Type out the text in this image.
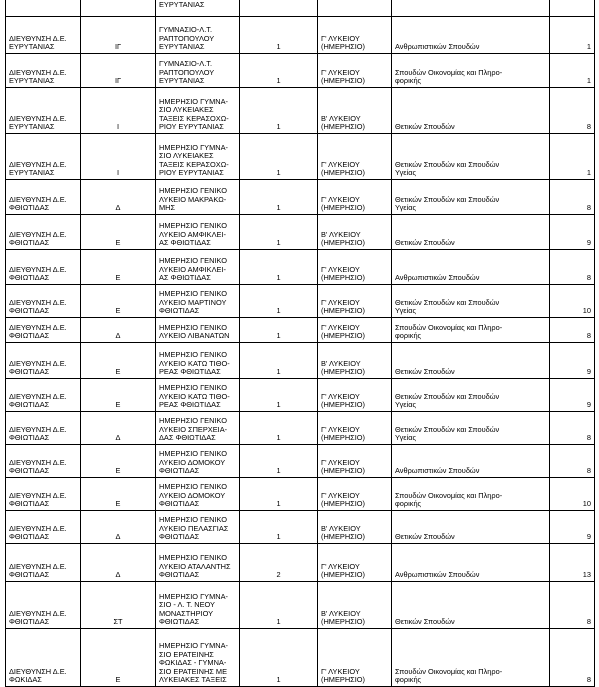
ΕΥΡΥΤΑΝΙΑΣ
ΔΙΕΥΘΥΝΣΗ Δ.Ε.
ΕΥΡΥΤΑΝΙΑΣ	ΙΓ
ΓΥΜΝΑΣΙΟ-Λ.Τ.
ΡΑΠΤΟΠΟΥΛΟΥ
ΕΥΡΥΤΑΝΙΑΣ	1
Γ' ΛΥΚΕΙΟΥ
(ΗΜΕΡΗΣΙΟ)	Ανθρωπιστικών Σπουδών	1
ΔΙΕΥΘΥΝΣΗ Δ.Ε.
ΕΥΡΥΤΑΝΙΑΣ	ΙΓ
ΓΥΜΝΑΣΙΟ-Λ.Τ.
ΡΑΠΤΟΠΟΥΛΟΥ
ΕΥΡΥΤΑΝΙΑΣ	1
Γ' ΛΥΚΕΙΟΥ
(ΗΜΕΡΗΣΙΟ)
Σπουδών Οικονομίας και Πληρο-
φορικής	1
ΔΙΕΥΘΥΝΣΗ Δ.Ε.
ΕΥΡΥΤΑΝΙΑΣ	Ι
ΗΜΕΡΗΣΙΟ ΓΥΜΝΑ-
ΣΙΟ ΛΥΚΕΙΑΚΕΣ
ΤΑΞΕΙΣ ΚΕΡΑΣΟΧΩ-
ΡΙΟΥ ΕΥΡΥΤΑΝΙΑΣ	1
Β' ΛΥΚΕΙΟΥ
(ΗΜΕΡΗΣΙΟ)	Θετικών Σπουδών	8
ΔΙΕΥΘΥΝΣΗ Δ.Ε.
ΕΥΡΥΤΑΝΙΑΣ	Ι
ΗΜΕΡΗΣΙΟ ΓΥΜΝΑ-
ΣΙΟ ΛΥΚΕΙΑΚΕΣ
ΤΑΞΕΙΣ ΚΕΡΑΣΟΧΩ-
ΡΙΟΥ ΕΥΡΥΤΑΝΙΑΣ	1
Γ' ΛΥΚΕΙΟΥ
(ΗΜΕΡΗΣΙΟ)
Θετικών Σπουδών και Σπουδών
Υγείας	1
ΔΙΕΥΘΥΝΣΗ Δ.Ε.
ΦΘΙΩΤΙΔΑΣ	Δ
ΗΜΕΡΗΣΙΟ ΓΕΝΙΚΟ
ΛΥΚΕΙΟ ΜΑΚΡΑΚΩ-
ΜΗΣ	1
Γ' ΛΥΚΕΙΟΥ
(ΗΜΕΡΗΣΙΟ)
Θετικών Σπουδών και Σπουδών
Υγείας	8
ΔΙΕΥΘΥΝΣΗ Δ.Ε.
ΦΘΙΩΤΙΔΑΣ	Ε
ΗΜΕΡΗΣΙΟ ΓΕΝΙΚΟ
ΛΥΚΕΙΟ ΑΜΦΙΚΛΕΙ-
ΑΣ ΦΘΙΩΤΙΔΑΣ	1
Β' ΛΥΚΕΙΟΥ
(ΗΜΕΡΗΣΙΟ)	Θετικών Σπουδών	9
ΔΙΕΥΘΥΝΣΗ Δ.Ε.
ΦΘΙΩΤΙΔΑΣ	Ε
ΗΜΕΡΗΣΙΟ ΓΕΝΙΚΟ
ΛΥΚΕΙΟ ΑΜΦΙΚΛΕΙ-
ΑΣ ΦΘΙΩΤΙΔΑΣ	1
Γ' ΛΥΚΕΙΟΥ
(ΗΜΕΡΗΣΙΟ)	Ανθρωπιστικών Σπουδών	8
ΔΙΕΥΘΥΝΣΗ Δ.Ε.
ΦΘΙΩΤΙΔΑΣ	Ε
ΗΜΕΡΗΣΙΟ ΓΕΝΙΚΟ
ΛΥΚΕΙΟ ΜΑΡΤΙΝΟΥ
ΦΘΙΩΤΙΔΑΣ	1
Γ' ΛΥΚΕΙΟΥ
(ΗΜΕΡΗΣΙΟ)
Θετικών Σπουδών και Σπουδών
Υγείας	10
ΔΙΕΥΘΥΝΣΗ Δ.Ε.
ΦΘΙΩΤΙΔΑΣ	Δ
ΗΜΕΡΗΣΙΟ ΓΕΝΙΚΟ
ΛΥΚΕΙΟ ΛΙΒΑΝΑΤΩΝ	1
Γ' ΛΥΚΕΙΟΥ
(ΗΜΕΡΗΣΙΟ)
Σπουδών Οικονομίας και Πληρο-
φορικής	8
ΔΙΕΥΘΥΝΣΗ Δ.Ε.
ΦΘΙΩΤΙΔΑΣ	Ε
ΗΜΕΡΗΣΙΟ ΓΕΝΙΚΟ
ΛΥΚΕΙΟ ΚΑΤΩ ΤΙΘΟ-
ΡΕΑΣ ΦΘΙΩΤΙΔΑΣ	1
Β' ΛΥΚΕΙΟΥ
(ΗΜΕΡΗΣΙΟ)	Θετικών Σπουδών	9
ΔΙΕΥΘΥΝΣΗ Δ.Ε.
ΦΘΙΩΤΙΔΑΣ	Ε
ΗΜΕΡΗΣΙΟ ΓΕΝΙΚΟ
ΛΥΚΕΙΟ ΚΑΤΩ ΤΙΘΟ-
ΡΕΑΣ ΦΘΙΩΤΙΔΑΣ	1
Γ' ΛΥΚΕΙΟΥ
(ΗΜΕΡΗΣΙΟ)
Θετικών Σπουδών και Σπουδών
Υγείας	9
ΔΙΕΥΘΥΝΣΗ Δ.Ε.
ΦΘΙΩΤΙΔΑΣ	Δ
ΗΜΕΡΗΣΙΟ ΓΕΝΙΚΟ
ΛΥΚΕΙΟ ΣΠΕΡΧΕΙΑ-
ΔΑΣ ΦΘΙΩΤΙΔΑΣ	1
Γ' ΛΥΚΕΙΟΥ
(ΗΜΕΡΗΣΙΟ)
Θετικών Σπουδών και Σπουδών
Υγείας	8
ΔΙΕΥΘΥΝΣΗ Δ.Ε.
ΦΘΙΩΤΙΔΑΣ	Ε
ΗΜΕΡΗΣΙΟ ΓΕΝΙΚΟ
ΛΥΚΕΙΟ ΔΟΜΟΚΟΥ
ΦΘΙΩΤΙΔΑΣ	1
Γ' ΛΥΚΕΙΟΥ
(ΗΜΕΡΗΣΙΟ)	Ανθρωπιστικών Σπουδών	8
ΔΙΕΥΘΥΝΣΗ Δ.Ε.
ΦΘΙΩΤΙΔΑΣ	Ε
ΗΜΕΡΗΣΙΟ ΓΕΝΙΚΟ
ΛΥΚΕΙΟ ΔΟΜΟΚΟΥ
ΦΘΙΩΤΙΔΑΣ	1
Γ' ΛΥΚΕΙΟΥ
(ΗΜΕΡΗΣΙΟ)
Σπουδών Οικονομίας και Πληρο-
φορικής	10
ΔΙΕΥΘΥΝΣΗ Δ.Ε.
ΦΘΙΩΤΙΔΑΣ	Δ
ΗΜΕΡΗΣΙΟ ΓΕΝΙΚΟ
ΛΥΚΕΙΟ ΠΕΛΑΣΓΙΑΣ
ΦΘΙΩΤΙΔΑΣ	1
Β' ΛΥΚΕΙΟΥ
(ΗΜΕΡΗΣΙΟ)	Θετικών Σπουδών	9
ΔΙΕΥΘΥΝΣΗ Δ.Ε.
ΦΘΙΩΤΙΔΑΣ	Δ
ΗΜΕΡΗΣΙΟ ΓΕΝΙΚΟ
ΛΥΚΕΙΟ ΑΤΑΛΑΝΤΗΣ
ΦΘΙΩΤΙΔΑΣ	2
Γ' ΛΥΚΕΙΟΥ
(ΗΜΕΡΗΣΙΟ)	Ανθρωπιστικών Σπουδών	13
ΔΙΕΥΘΥΝΣΗ Δ.Ε.
ΦΘΙΩΤΙΔΑΣ	ΣΤ
ΗΜΕΡΗΣΙΟ ΓΥΜΝΑ-
ΣΙΟ - Λ. Τ. ΝΕΟΥ
ΜΟΝΑΣΤΗΡΙΟΥ
ΦΘΙΩΤΙΔΑΣ	1
Β' ΛΥΚΕΙΟΥ
(ΗΜΕΡΗΣΙΟ)	Θετικών Σπουδών	8
ΔΙΕΥΘΥΝΣΗ Δ.Ε.
ΦΩΚΙΔΑΣ	Ε
ΗΜΕΡΗΣΙΟ ΓΥΜΝΑ-
ΣΙΟ ΕΡΑΤΕΙΝΗΣ
ΦΩΚΙΔΑΣ - ΓΥΜΝΑ-
ΣΙΟ ΕΡΑΤΕΙΝΗΣ ΜΕ
ΛΥΚΕΙΑΚΕΣ ΤΑΞΕΙΣ	1
Γ' ΛΥΚΕΙΟΥ
(ΗΜΕΡΗΣΙΟ)
Σπουδών Οικονομίας και Πληρο-
φορικής	8
